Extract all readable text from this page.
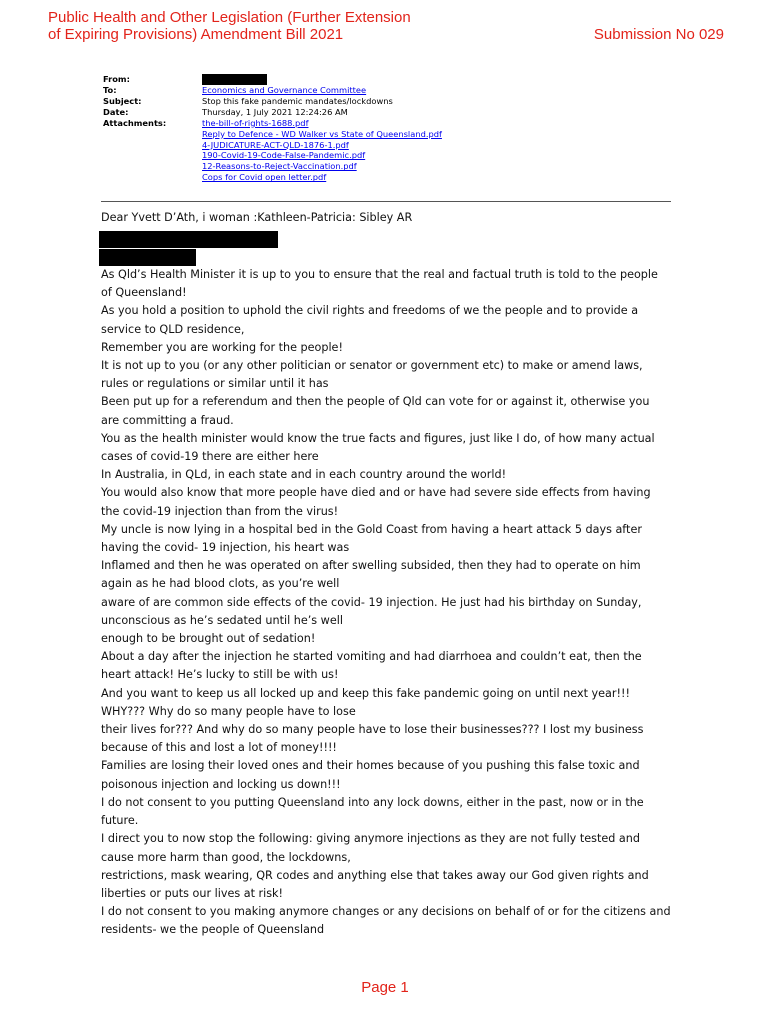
Public Health and Other Legislation (Further Extension
of Expiring Provisions) Amendment Bill 2021	Submission No 029
From:
To:	Economics and Governance Committee
Subject:	Stop this fake pandemic mandates/lockdowns
Date:	Thursday, 1 July 2021 12:24:26 AM
Attachments:	the-bill-of-rights-1688.pdf
Reply to Defence - WD Walker vs State of Queensland.pdf
4-JUDICATURE-ACT-QLD-1876-1.pdf
190-Covid-19-Code-False-Pandemic.pdf
12-Reasons-to-Reject-Vaccination.pdf
Cops for Covid open letter.pdf
Dear Yvett D’Ath, i woman :Kathleen-Patricia: Sibley AR

As Qld’s Health Minister it is up to you to ensure that the real and factual truth is told to the people of Queensland!

As you hold a position to uphold the civil rights and freedoms of we the people and to provide a service to QLD residence,

Remember you are working for the people!

It is not up to you (or any other politician or senator or government etc) to make or amend laws, rules or regulations or similar until it has

Been put up for a referendum and then the people of Qld can vote for or against it, otherwise you are committing a fraud.

You as the health minister would know the true facts and figures, just like I do, of how many actual cases of covid-19 there are either here

In Australia, in QLd, in each state and in each country around the world!

You would also know that more people have died and or have had severe side effects from having the covid-19 injection than from the virus!

My uncle is now lying in a hospital bed in the Gold Coast from having a heart attack 5 days after having the covid- 19 injection, his heart was

Inflamed and then he was operated on after swelling subsided, then they had to operate on him again as he had blood clots, as you’re well

aware of are common side effects of the covid- 19 injection. He just had his birthday on Sunday, unconscious as he’s sedated until he’s well

enough to be brought out of sedation!

About a day after the injection he started vomiting and had diarrhoea and couldn’t eat, then the heart attack! He’s lucky to still be with us!

And you want to keep us all locked up and keep this fake pandemic going on until next year!!! WHY??? Why do so many people have to lose

their lives for??? And why do so many people have to lose their businesses??? I lost my business because of this and lost a lot of money!!!!

Families are losing their loved ones and their homes because of you pushing this false toxic and poisonous injection and locking us down!!!

I do not consent to you putting Queensland into any lock downs, either in the past, now or in the future.

I direct you to now stop the following: giving anymore injections as they are not fully tested and cause more harm than good, the lockdowns,

restrictions, mask wearing, QR codes and anything else that takes away our God given rights and liberties or puts our lives at risk!

I do not consent to you making anymore changes or any decisions on behalf of or for the citizens and residents- we the people of Queensland

Page 1
